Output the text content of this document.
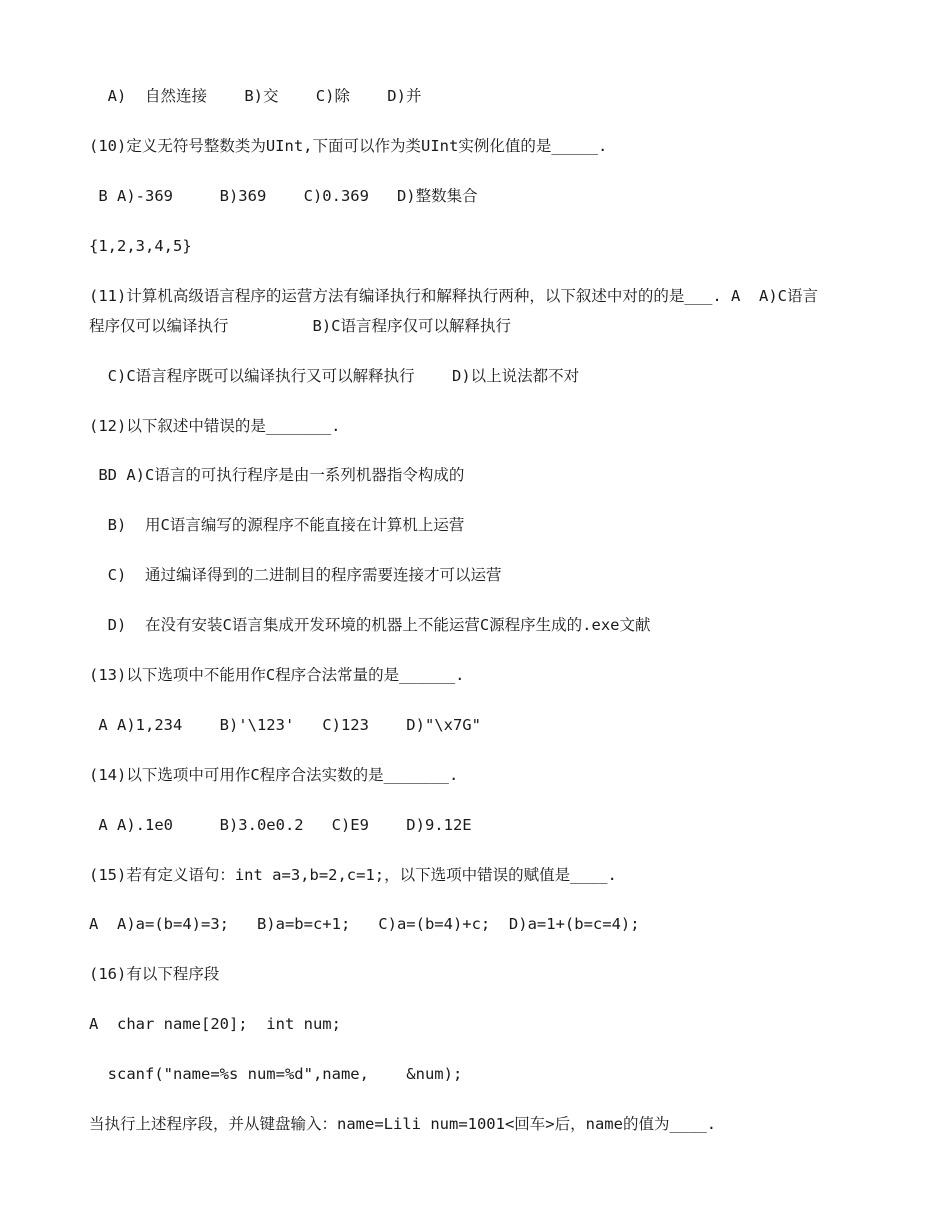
A)  自然连接    B)交    C)除    D)并
(10)定义无符号整数类为UInt,下面可以作为类UInt实例化值的是_____.
B A)-369     B)369    C)0.369   D)整数集合
{1,2,3,4,5}
(11)计算机高级语言程序的运营方法有编译执行和解释执行两种，以下叙述中对的的是___. A  A)C语言
程序仅可以编译执行         B)C语言程序仅可以解释执行
C)C语言程序既可以编译执行又可以解释执行    D)以上说法都不对
(12)以下叙述中错误的是_______.
BD A)C语言的可执行程序是由一系列机器指令构成的
B)  用C语言编写的源程序不能直接在计算机上运营
C)  通过编译得到的二进制目的程序需要连接才可以运营
D)  在没有安装C语言集成开发环境的机器上不能运营C源程序生成的.exe文献
(13)以下选项中不能用作C程序合法常量的是______.
A A)1,234    B)'\123'   C)123    D)"\x7G"
(14)以下选项中可用作C程序合法实数的是_______.
A A).1e0     B)3.0e0.2   C)E9    D)9.12E
(15)若有定义语句：int a=3,b=2,c=1;，以下选项中错误的赋值是____.
A  A)a=(b=4)=3;   B)a=b=c+1;   C)a=(b=4)+c;  D)a=1+(b=c=4);
(16)有以下程序段
A  char name[20];  int num;
scanf("name=%s num=%d",name,    &num);
当执行上述程序段，并从键盘输入：name=Lili num=1001<回车>后，name的值为____.
